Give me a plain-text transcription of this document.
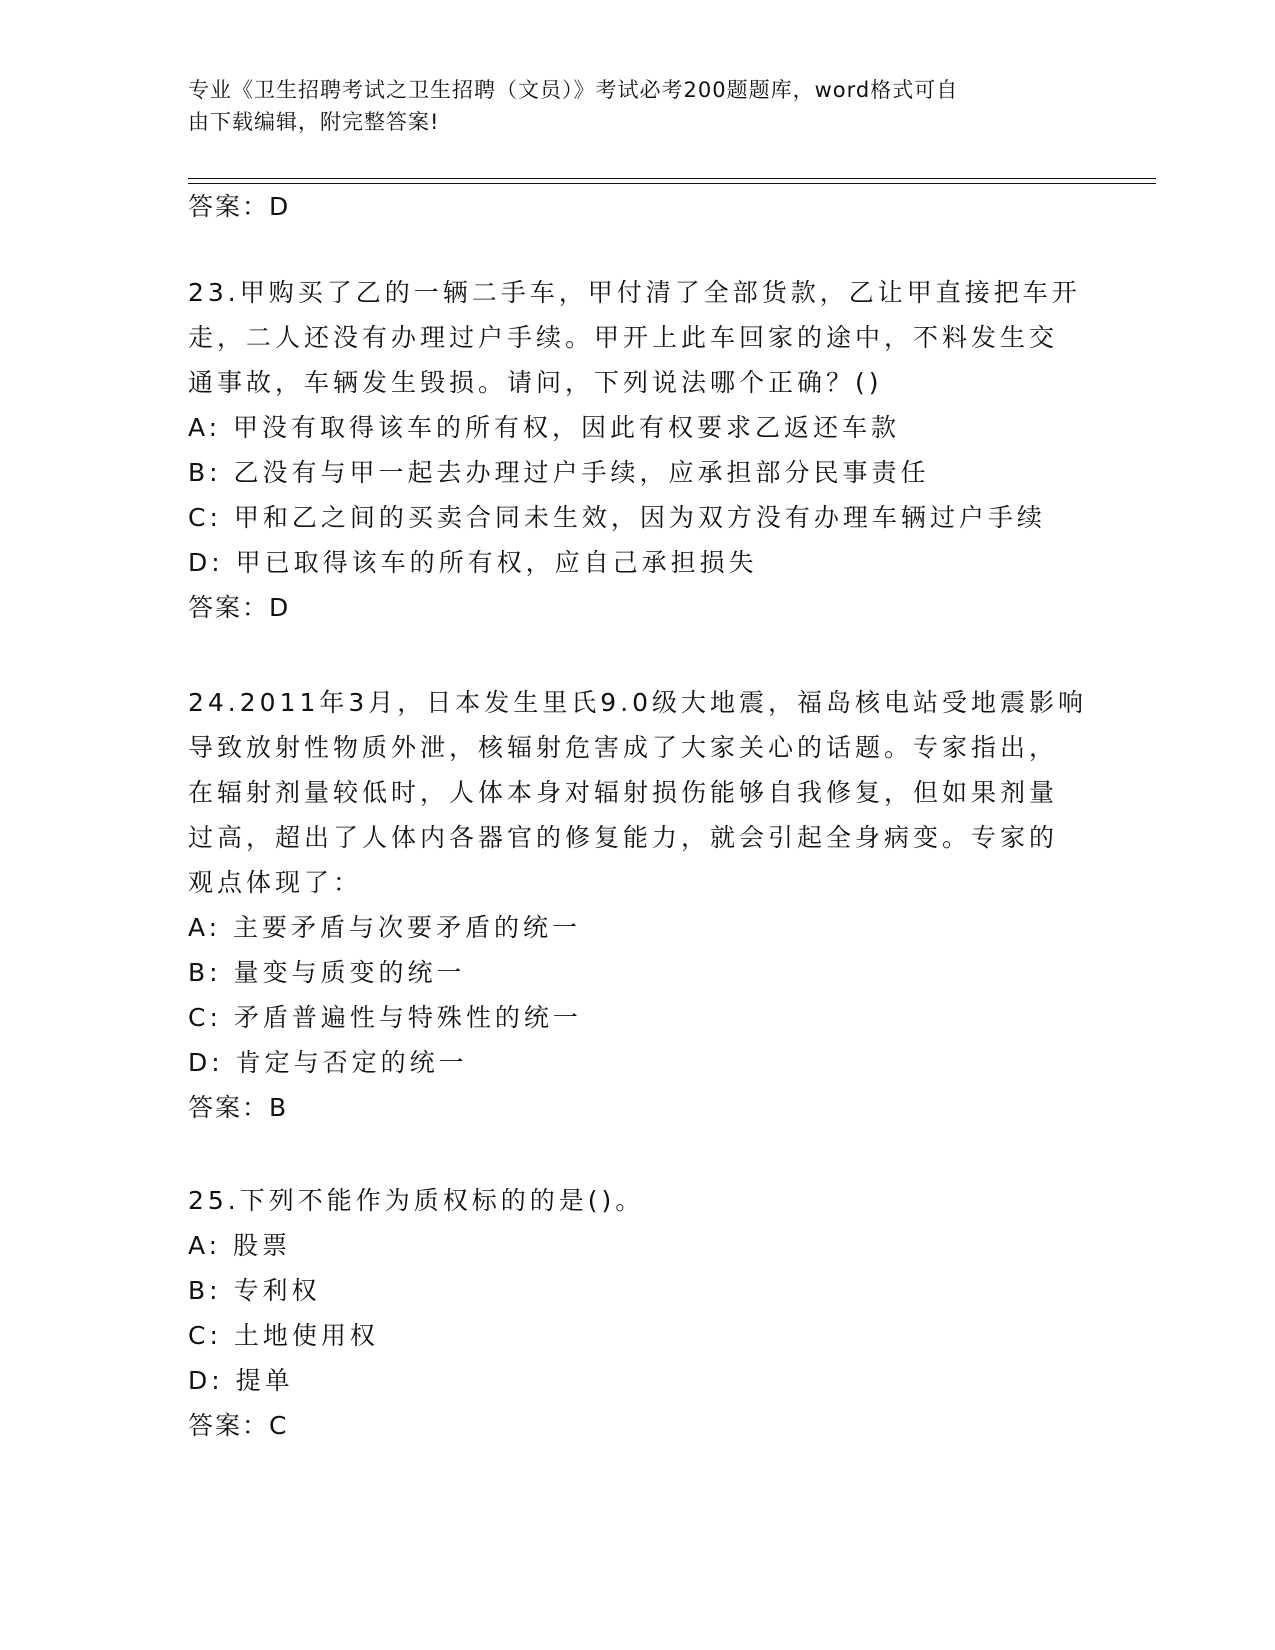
专业《卫生招聘考试之卫生招聘（文员）》考试必考200题题库，word格式可自
由下载编辑，附完整答案!
答案：D
23.甲购买了乙的一辆二手车，甲付清了全部货款，乙让甲直接把车开
走，二人还没有办理过户手续。甲开上此车回家的途中，不料发生交
通事故，车辆发生毁损。请问，下列说法哪个正确？()
A: 甲没有取得该车的所有权，因此有权要求乙返还车款
B: 乙没有与甲一起去办理过户手续，应承担部分民事责任
C: 甲和乙之间的买卖合同未生效，因为双方没有办理车辆过户手续
D: 甲已取得该车的所有权，应自己承担损失
答案：D
24.2011年3月，日本发生里氏9.0级大地震，福岛核电站受地震影响
导致放射性物质外泄，核辐射危害成了大家关心的话题。专家指出，
在辐射剂量较低时，人体本身对辐射损伤能够自我修复，但如果剂量
过高，超出了人体内各器官的修复能力，就会引起全身病变。专家的
观点体现了：
A: 主要矛盾与次要矛盾的统一
B: 量变与质变的统一
C: 矛盾普遍性与特殊性的统一
D: 肯定与否定的统一
答案：B
25.下列不能作为质权标的的是()。
A: 股票
B: 专利权
C: 土地使用权
D: 提单
答案：C
